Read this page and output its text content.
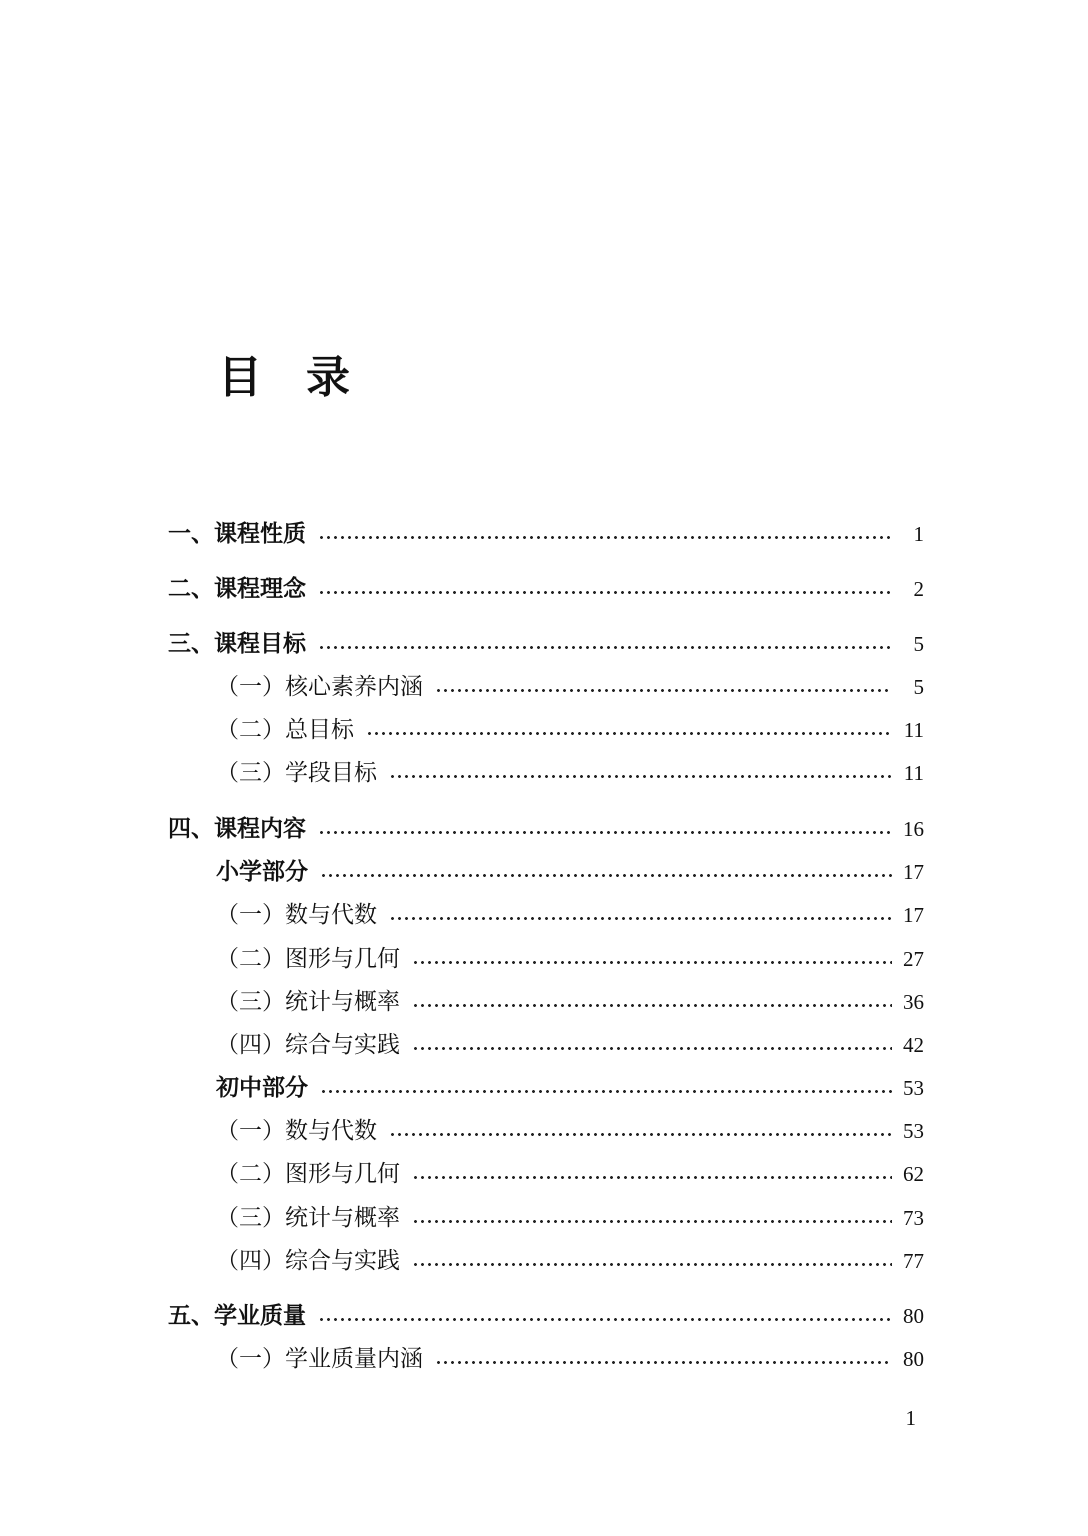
目录
一、课程性质	1
二、课程理念	2
三、课程目标	5
（一）核心素养内涵	5
（二）总目标	11
（三）学段目标	11
四、课程内容	16
小学部分	17
（一）数与代数	17
（二）图形与几何	27
（三）统计与概率	36
（四）综合与实践	42
初中部分	53
（一）数与代数	53
（二）图形与几何	62
（三）统计与概率	73
（四）综合与实践	77
五、学业质量	80
（一）学业质量内涵	80
1
